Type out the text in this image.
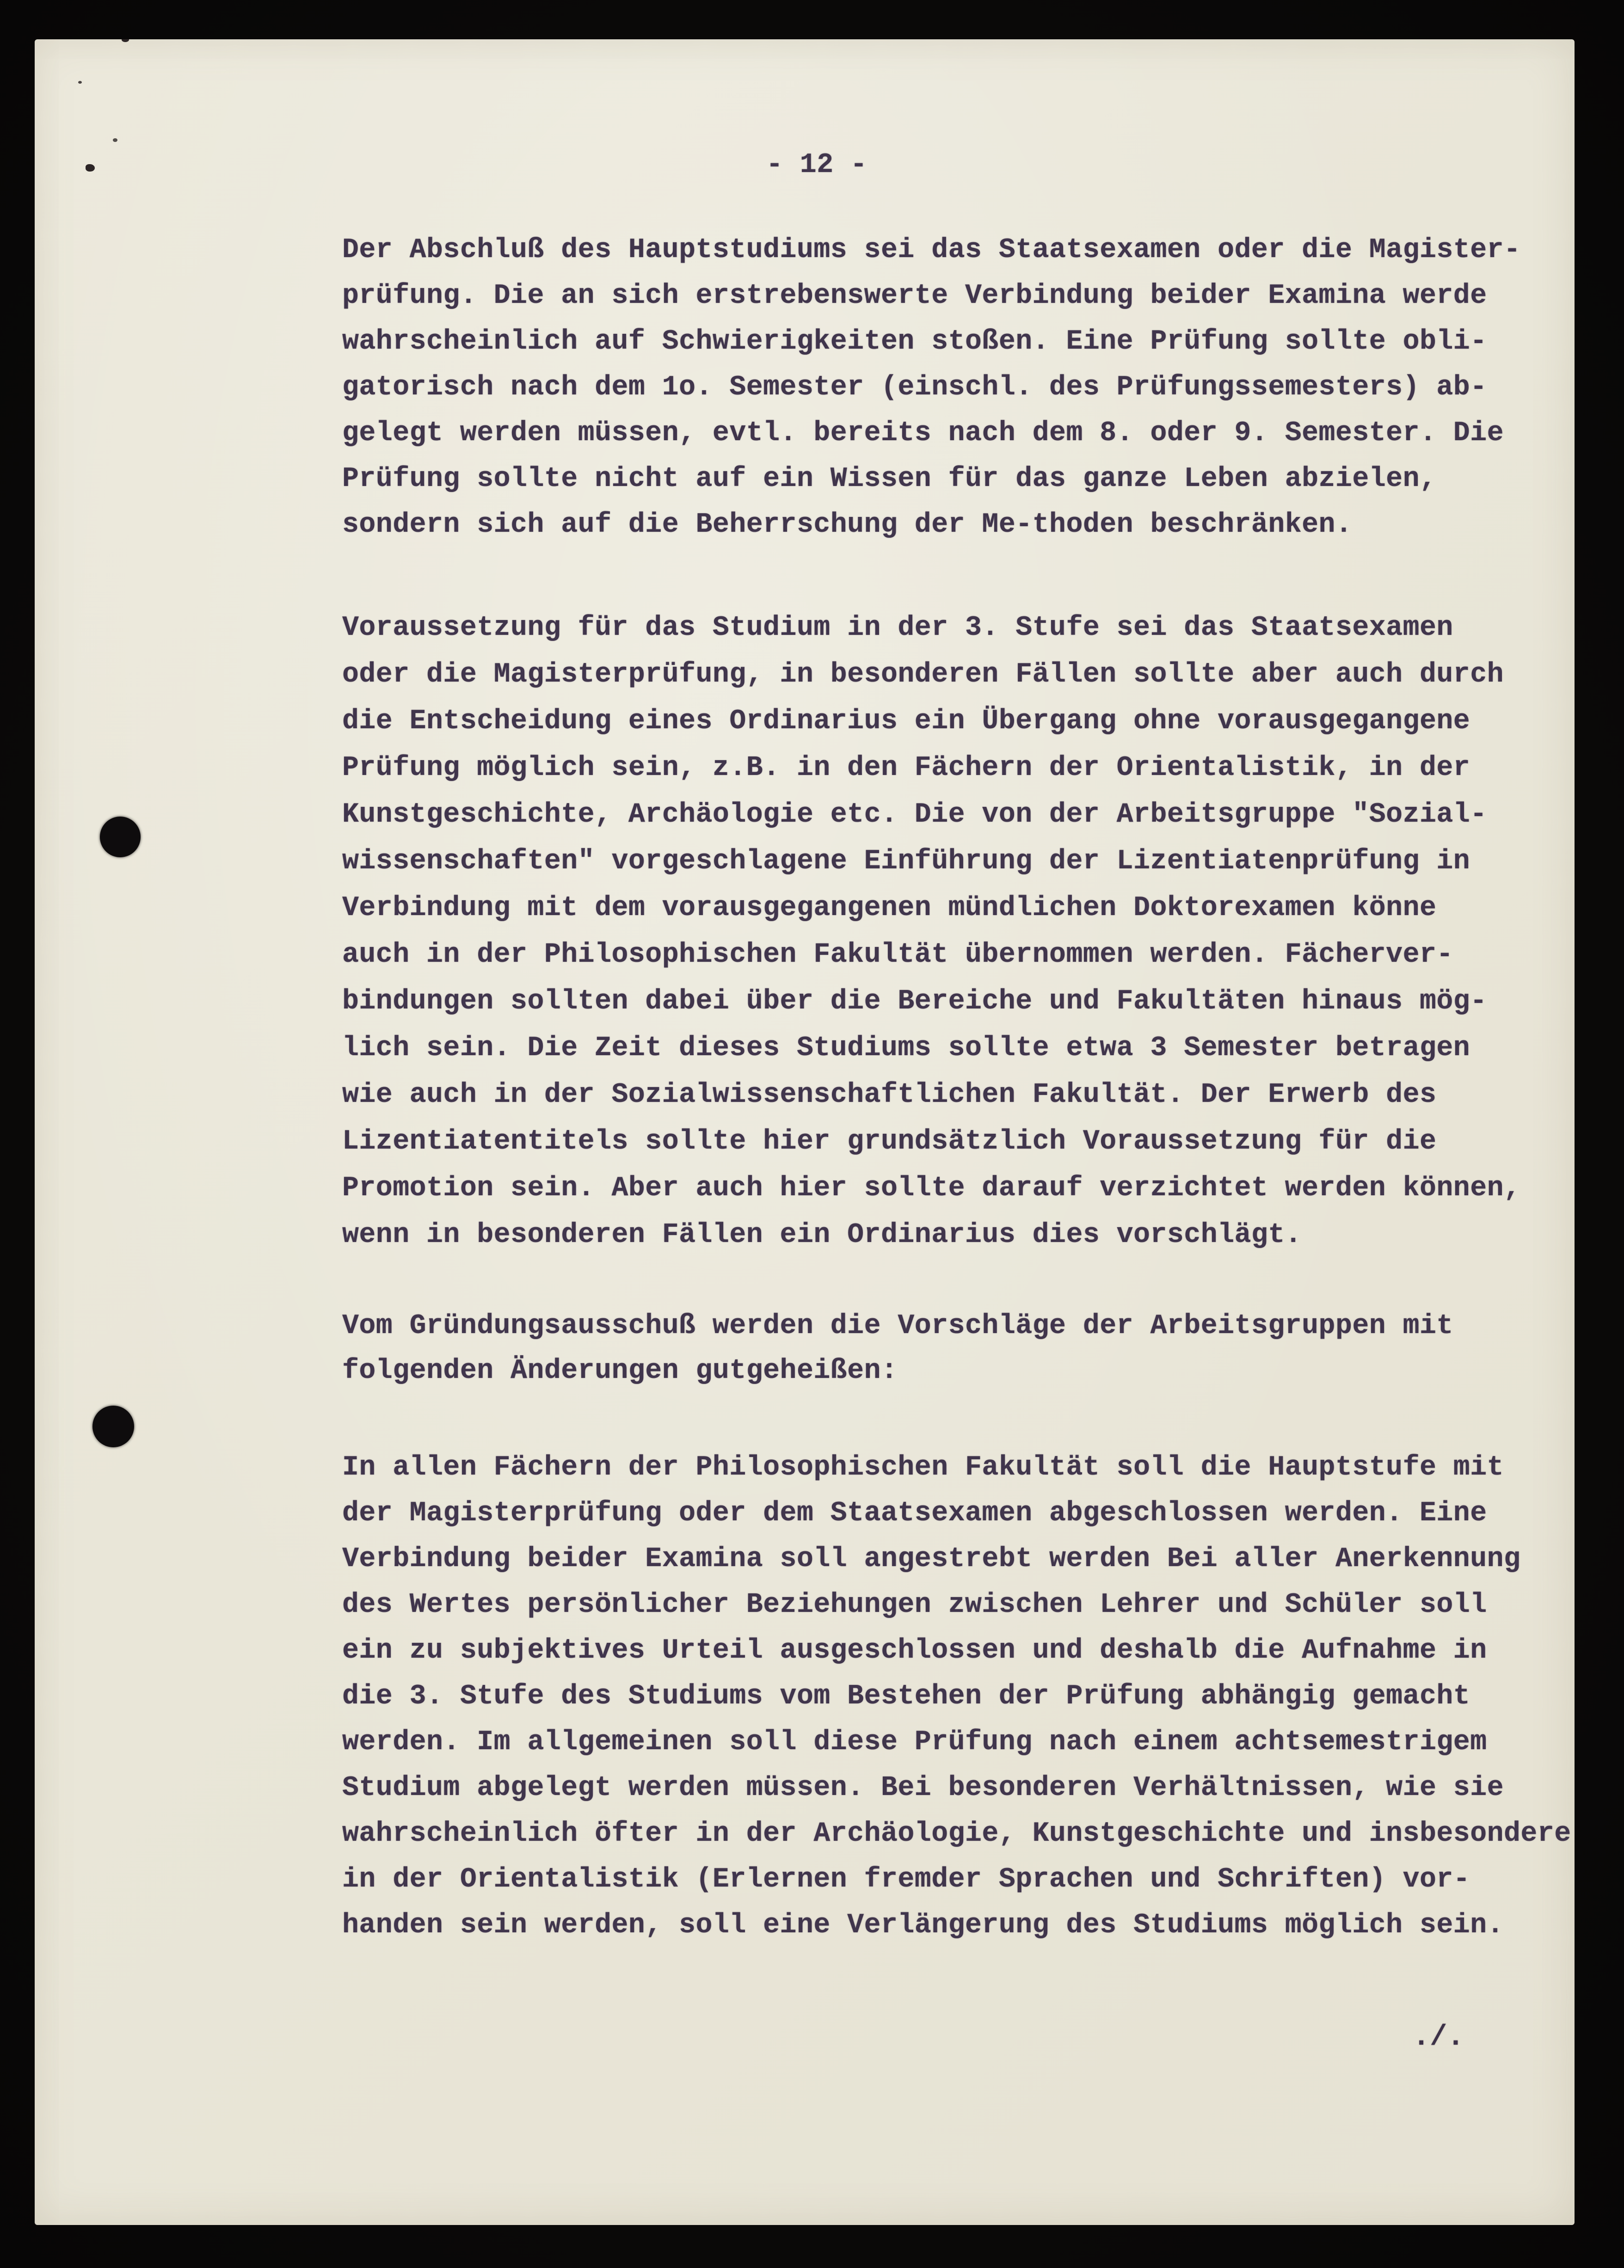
- 12 -
Der Abschluß des Hauptstudiums sei das Staatsexamen oder die Magister-
prüfung. Die an sich erstrebenswerte Verbindung beider Examina werde
wahrscheinlich auf Schwierigkeiten stoßen. Eine Prüfung sollte obli-
gatorisch nach dem 1o. Semester (einschl. des Prüfungssemesters) ab-
gelegt werden müssen, evtl. bereits nach dem 8. oder 9. Semester. Die
Prüfung sollte nicht auf ein Wissen für das ganze Leben abzielen,
sondern sich auf die Beherrschung der Me-thoden beschränken.
Voraussetzung für das Studium in der 3. Stufe sei das Staatsexamen
oder die Magisterprüfung, in besonderen Fällen sollte aber auch durch
die Entscheidung eines Ordinarius ein Übergang ohne vorausgegangene
Prüfung möglich sein, z.B. in den Fächern der Orientalistik, in der
Kunstgeschichte, Archäologie etc. Die von der Arbeitsgruppe "Sozial-
wissenschaften" vorgeschlagene Einführung der Lizentiatenprüfung in
Verbindung mit dem vorausgegangenen mündlichen Doktorexamen könne
auch in der Philosophischen Fakultät übernommen werden. Fächerver-
bindungen sollten dabei über die Bereiche und Fakultäten hinaus mög-
lich sein. Die Zeit dieses Studiums sollte etwa 3 Semester betragen
wie auch in der Sozialwissenschaftlichen Fakultät. Der Erwerb des
Lizentiatentitels sollte hier grundsätzlich Voraussetzung für die
Promotion sein. Aber auch hier sollte darauf verzichtet werden können,
wenn in besonderen Fällen ein Ordinarius dies vorschlägt.
Vom Gründungsausschuß werden die Vorschläge der Arbeitsgruppen mit
folgenden Änderungen gutgeheißen:
In allen Fächern der Philosophischen Fakultät soll die Hauptstufe mit
der Magisterprüfung oder dem Staatsexamen abgeschlossen werden. Eine
Verbindung beider Examina soll angestrebt werden Bei aller Anerkennung
des Wertes persönlicher Beziehungen zwischen Lehrer und Schüler soll
ein zu subjektives Urteil ausgeschlossen und deshalb die Aufnahme in
die 3. Stufe des Studiums vom Bestehen der Prüfung abhängig gemacht
werden. Im allgemeinen soll diese Prüfung nach einem achtsemestrigem
Studium abgelegt werden müssen. Bei besonderen Verhältnissen, wie sie
wahrscheinlich öfter in der Archäologie, Kunstgeschichte und insbesondere
in der Orientalistik (Erlernen fremder Sprachen und Schriften) vor-
handen sein werden, soll eine Verlängerung des Studiums möglich sein.
./.
